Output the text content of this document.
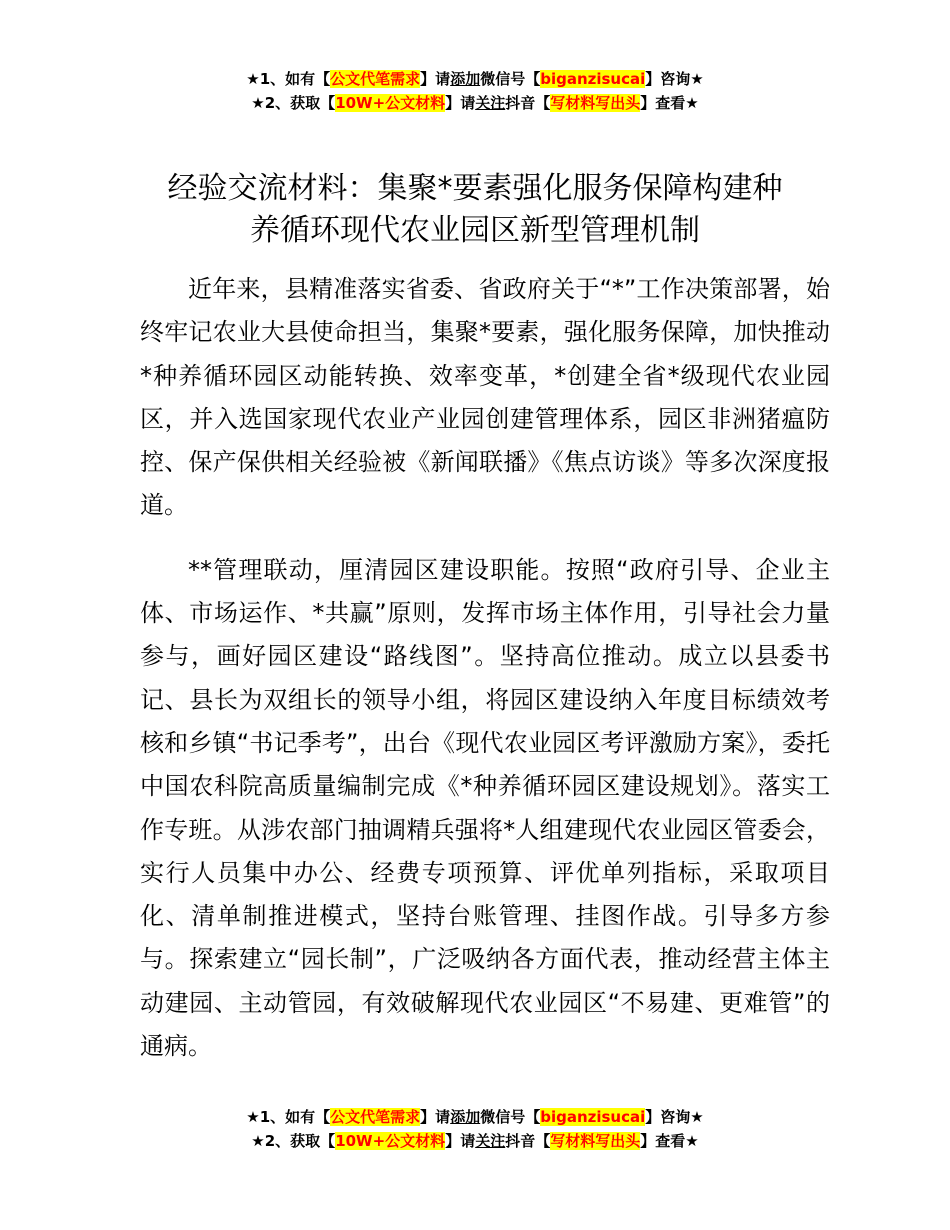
★1、如有【公文代笔需求】请添加微信号【biganzisucai】咨询★
★2、获取【10W+公文材料】请关注抖音【写材料写出头】查看★
经验交流材料：集聚*要素强化服务保障构建种
养循环现代农业园区新型管理机制

近年来，县精准落实省委、省政府关于“*”工作决策部署，始终牢记农业大县使命担当，集聚*要素，强化服务保障，加快推动*种养循环园区动能转换、效率变革，*创建全省*级现代农业园区，并入选国家现代农业产业园创建管理体系，园区非洲猪瘟防控、保产保供相关经验被《新闻联播》《焦点访谈》等多次深度报道。

**管理联动，厘清园区建设职能。按照“政府引导、企业主体、市场运作、*共赢”原则，发挥市场主体作用，引导社会力量参与，画好园区建设“路线图”。坚持高位推动。成立以县委书记、县长为双组长的领导小组，将园区建设纳入年度目标绩效考核和乡镇“书记季考”，出台《现代农业园区考评激励方案》，委托中国农科院高质量编制完成《*种养循环园区建设规划》。落实工作专班。从涉农部门抽调精兵强将*人组建现代农业园区管委会，实行人员集中办公、经费专项预算、评优单列指标，采取项目化、清单制推进模式，坚持台账管理、挂图作战。引导多方参与。探索建立“园长制”，广泛吸纳各方面代表，推动经营主体主动建园、主动管园，有效破解现代农业园区“不易建、更难管”的通病。

★1、如有【公文代笔需求】请添加微信号【biganzisucai】咨询★
★2、获取【10W+公文材料】请关注抖音【写材料写出头】查看★
